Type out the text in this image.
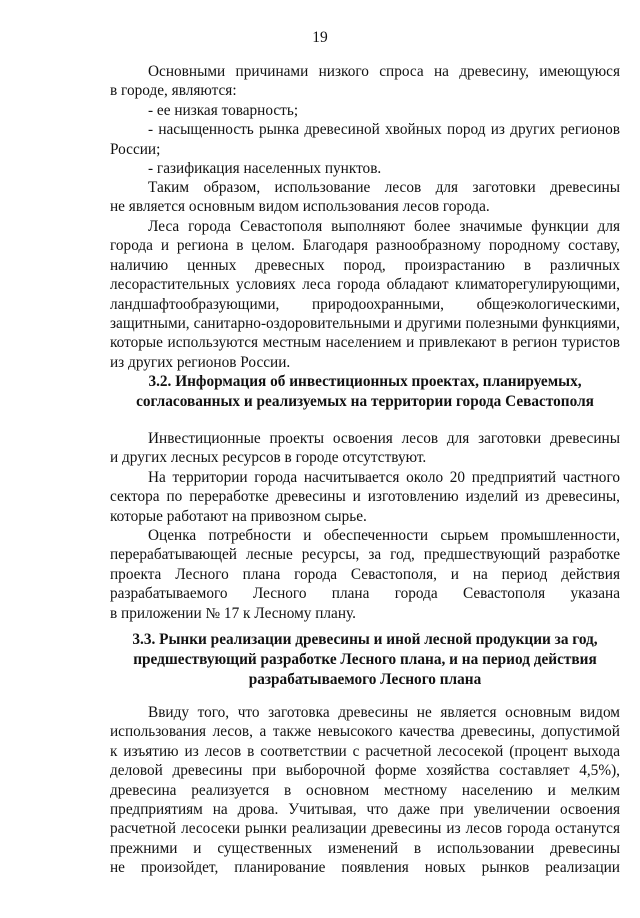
19
Основными причинами низкого спроса на древесину, имеющуюся
в городе, являются:
- ее низкая товарность;
- насыщенность рынка древесиной хвойных пород из других регионов
России;
- газификация населенных пунктов.
Таким образом, использование лесов для заготовки древесины
не является основным видом использования лесов города.
Леса города Севастополя выполняют более значимые функции для
города и региона в целом. Благодаря разнообразному породному составу,
наличию ценных древесных пород, произрастанию в различных
лесорастительных условиях леса города обладают климаторегулирующими,
ландшафтообразующими, природоохранными, общеэкологическими,
защитными, санитарно-оздоровительными и другими полезными функциями,
которые используются местным населением и привлекают в регион туристов
из других регионов России.
3.2. Информация об инвестиционных проектах, планируемых,
согласованных и реализуемых на территории города Севастополя
Инвестиционные проекты освоения лесов для заготовки древесины
и других лесных ресурсов в городе отсутствуют.
На территории города насчитывается около 20 предприятий частного
сектора по переработке древесины и изготовлению изделий из древесины,
которые работают на привозном сырье.
Оценка потребности и обеспеченности сырьем промышленности,
перерабатывающей лесные ресурсы, за год, предшествующий разработке
проекта Лесного плана города Севастополя, и на период действия
разрабатываемого Лесного плана города Севастополя указана
в приложении № 17 к Лесному плану.
3.3. Рынки реализации древесины и иной лесной продукции за год,
предшествующий разработке Лесного плана, и на период действия
разрабатываемого Лесного плана
Ввиду того, что заготовка древесины не является основным видом
использования лесов, а также невысокого качества древесины, допустимой
к изъятию из лесов в соответствии с расчетной лесосекой (процент выхода
деловой древесины при выборочной форме хозяйства составляет 4,5%),
древесина реализуется в основном местному населению и мелким
предприятиям на дрова. Учитывая, что даже при увеличении освоения
расчетной лесосеки рынки реализации древесины из лесов города останутся
прежними и существенных изменений в использовании древесины
не произойдет, планирование появления новых рынков реализации
